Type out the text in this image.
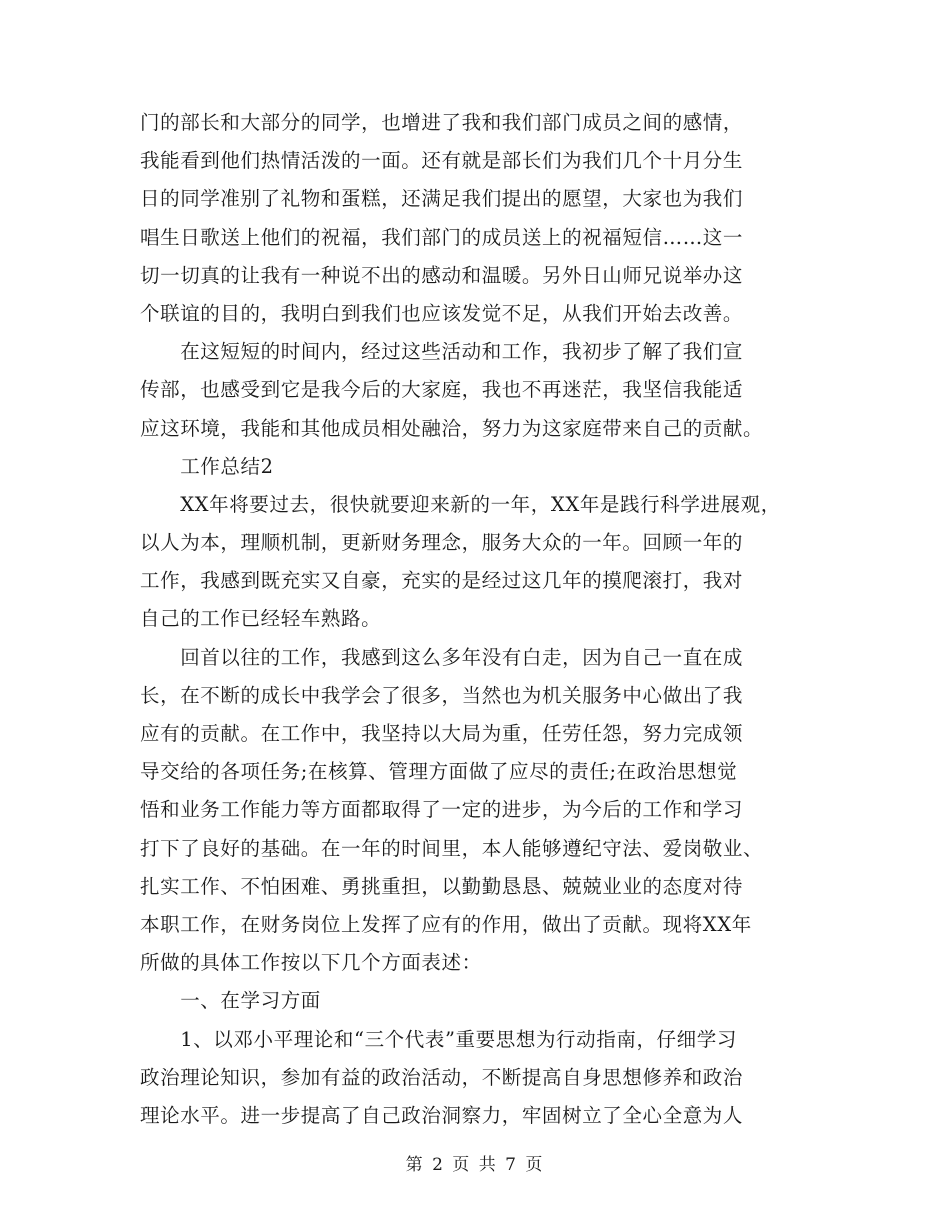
门的部长和大部分的同学，也增进了我和我们部门成员之间的感情，
我能看到他们热情活泼的一面。还有就是部长们为我们几个十月分生
日的同学准别了礼物和蛋糕，还满足我们提出的愿望，大家也为我们
唱生日歌送上他们的祝福，我们部门的成员送上的祝福短信……这一
切一切真的让我有一种说不出的感动和温暖。另外日山师兄说举办这
个联谊的目的，我明白到我们也应该发觉不足，从我们开始去改善。
　　在这短短的时间内，经过这些活动和工作，我初步了解了我们宣
传部，也感受到它是我今后的大家庭，我也不再迷茫，我坚信我能适
应这环境，我能和其他成员相处融洽，努力为这家庭带来自己的贡献。
　　工作总结2
　　XX年将要过去，很快就要迎来新的一年，XX年是践行科学进展观，
以人为本，理顺机制，更新财务理念，服务大众的一年。回顾一年的
工作，我感到既充实又自豪，充实的是经过这几年的摸爬滚打，我对
自己的工作已经轻车熟路。
　　回首以往的工作，我感到这么多年没有白走，因为自己一直在成
长，在不断的成长中我学会了很多，当然也为机关服务中心做出了我
应有的贡献。在工作中，我坚持以大局为重，任劳任怨，努力完成领
导交给的各项任务;在核算、管理方面做了应尽的责任;在政治思想觉
悟和业务工作能力等方面都取得了一定的进步，为今后的工作和学习
打下了良好的基础。在一年的时间里，本人能够遵纪守法、爱岗敬业、
扎实工作、不怕困难、勇挑重担，以勤勤恳恳、兢兢业业的态度对待
本职工作，在财务岗位上发挥了应有的作用，做出了贡献。现将XX年
所做的具体工作按以下几个方面表述：
　　一、在学习方面
　　1、以邓小平理论和“三个代表”重要思想为行动指南，仔细学习
政治理论知识，参加有益的政治活动，不断提高自身思想修养和政治
理论水平。进一步提高了自己政治洞察力，牢固树立了全心全意为人
第 2 页 共 7 页
